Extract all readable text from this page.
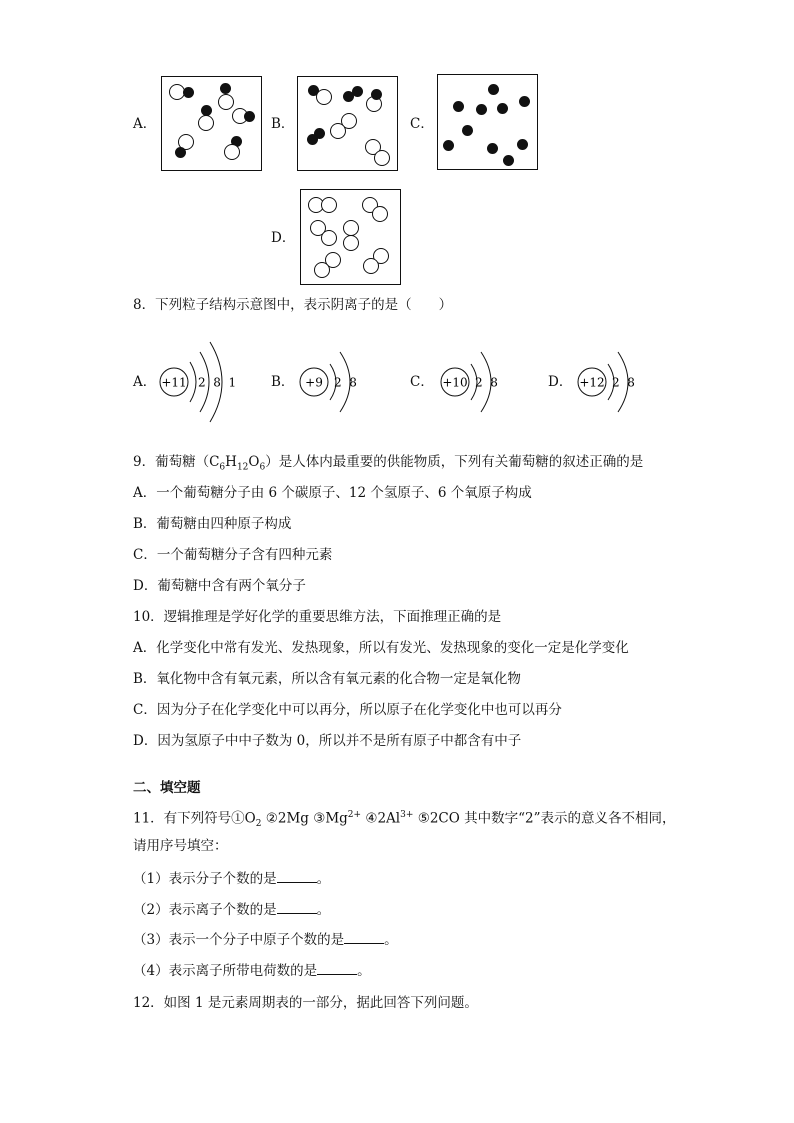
A．	B．	C．
D．
8．下列粒子结构示意图中，表示阴离子的是（　　）
A． +11 2  8  1	B． +9 2  8	C． +10 2  8	D． +12 2  8
9．葡萄糖$(C_6H_{12}O_6)$是人体内最重要的供能物质，下列有关葡萄糖的叙述正确的是
A．一个葡萄糖分子由 6 个碳原子、12 个氢原子、6 个氧原子构成
B．葡萄糖由四种原子构成
C．一个葡萄糖分子含有四种元素
D．葡萄糖中含有两个氧分子
10．逻辑推理是学好化学的重要思维方法，下面推理正确的是
A．化学变化中常有发光、发热现象，所以有发光、发热现象的变化一定是化学变化
B．氧化物中含有氧元素，所以含有氧元素的化合物一定是氧化物
C．因为分子在化学变化中可以再分，所以原子在化学变化中也可以再分
D．因为氢原子中中子数为 0，所以并不是所有原子中都含有中子
二、填空题
11．有下列符号$①O_2$ ②2Mg $③Mg^{2+}$ $④2Al^{3+}$ ⑤2CO 其中数字“2”表示的意义各不相同，
请用序号填空：
（1）表示分子个数的是	。
（2）表示离子个数的是	。
（3）表示一个分子中原子个数的是	。
（4）表示离子所带电荷数的是	。
12．如图 1 是元素周期表的一部分，据此回答下列问题。
